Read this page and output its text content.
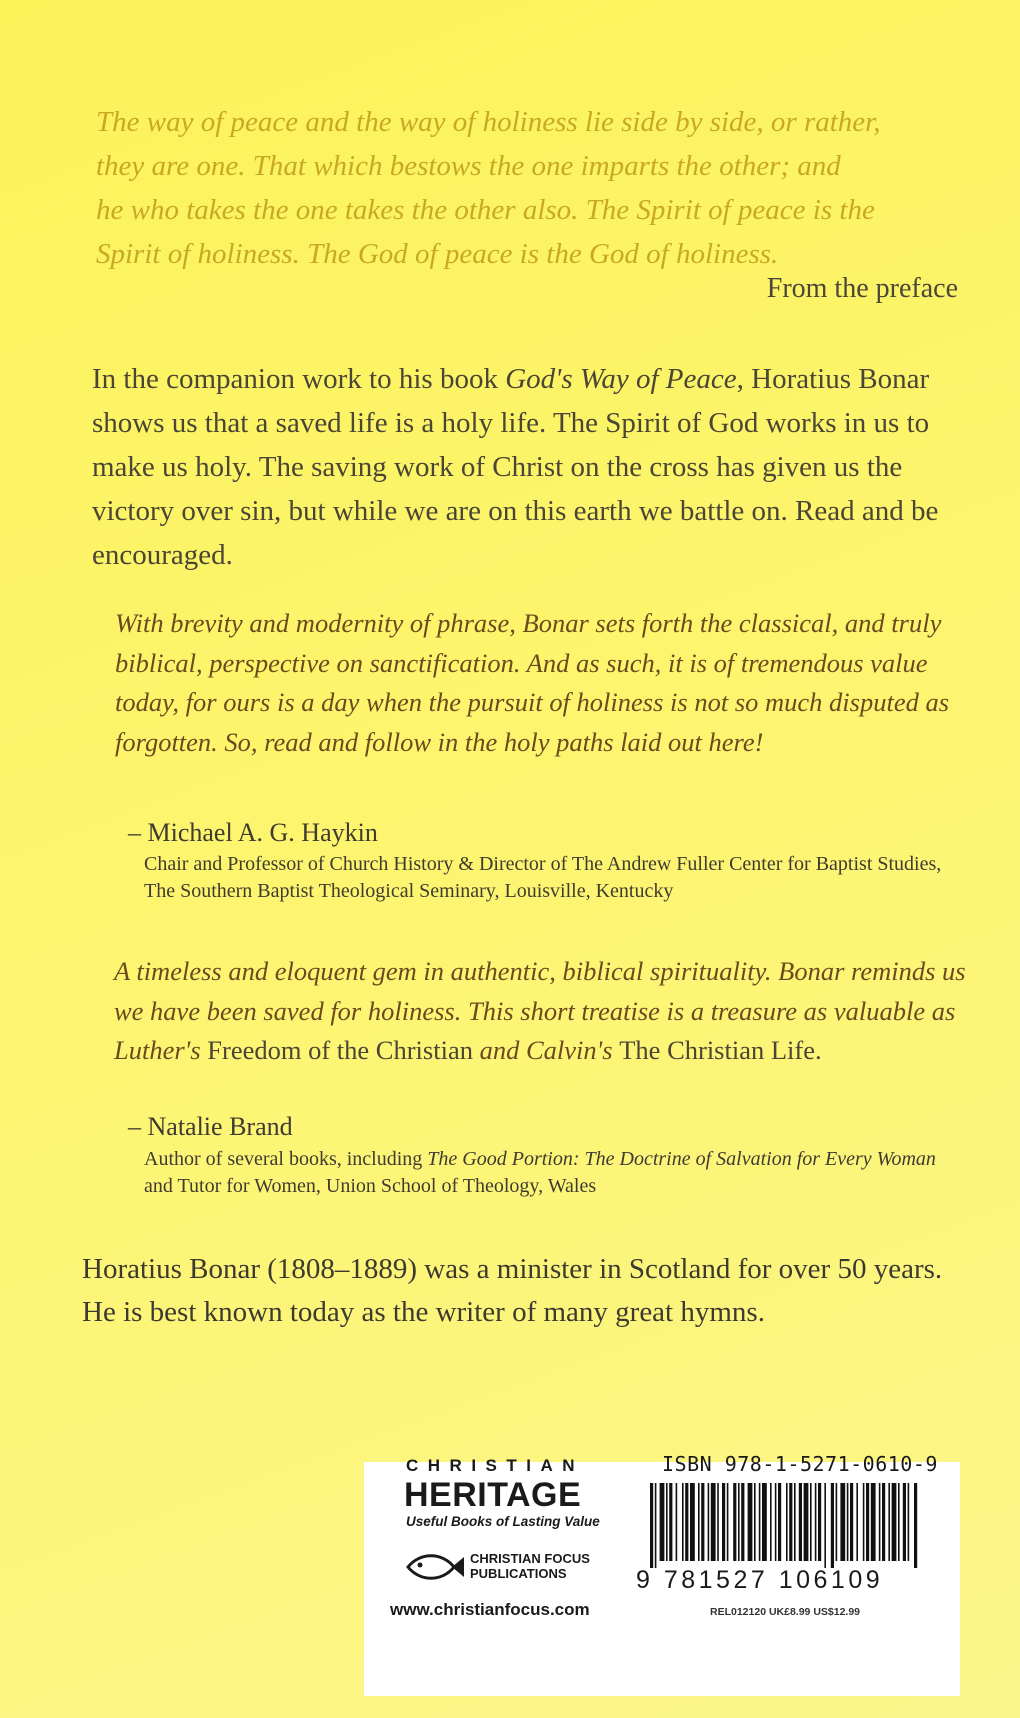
The way of peace and the way of holiness lie side by side, or rather,
they are one. That which bestows the one imparts the other; and
he who takes the one takes the other also. The Spirit of peace is the
Spirit of holiness. The God of peace is the God of holiness.
From the preface
In the companion work to his book God's Way of Peace, Horatius Bonar shows us that a saved life is a holy life. The Spirit of God works in us to make us holy. The saving work of Christ on the cross has given us the victory over sin, but while we are on this earth we battle on. Read and be encouraged.
With brevity and modernity of phrase, Bonar sets forth the classical, and truly biblical, perspective on sanctification. And as such, it is of tremendous value today, for ours is a day when the pursuit of holiness is not so much disputed as forgotten. So, read and follow in the holy paths laid out here!
– Michael A. G. Haykin
Chair and Professor of Church History & Director of The Andrew Fuller Center for Baptist Studies, The Southern Baptist Theological Seminary, Louisville, Kentucky
A timeless and eloquent gem in authentic, biblical spirituality. Bonar reminds us we have been saved for holiness. This short treatise is a treasure as valuable as Luther's Freedom of the Christian and Calvin's The Christian Life.
– Natalie Brand
Author of several books, including The Good Portion: The Doctrine of Salvation for Every Woman and Tutor for Women, Union School of Theology, Wales
Horatius Bonar (1808–1889) was a minister in Scotland for over 50 years. He is best known today as the writer of many great hymns.
CHRISTIAN
HERITAGE
Useful Books of Lasting Value
CHRISTIAN FOCUS
PUBLICATIONS
www.christianfocus.com
ISBN 978-1-5271-0610-9
9 781527 106109
REL012120 UK£8.99 US$12.99
